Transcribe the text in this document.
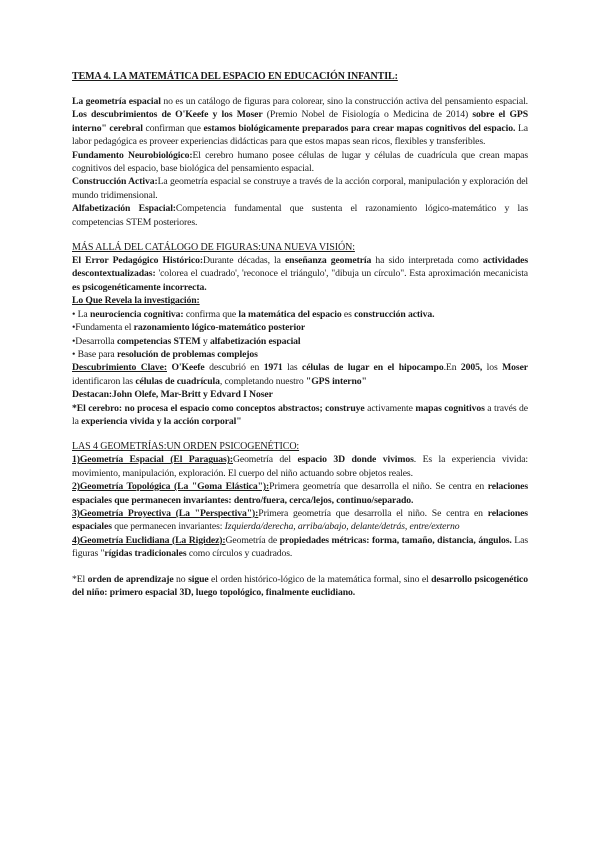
TEMA 4. LA MATEMÁTICA DEL ESPACIO EN EDUCACIÓN INFANTIL:

La geometría espacial no es un catálogo de figuras para colorear, sino la construcción activa del pensamiento espacial. Los descubrimientos de O'Keefe y los Moser (Premio Nobel de Fisiología o Medicina de 2014) sobre el GPS interno" cerebral confirman que estamos biológicamente preparados para crear mapas cognitivos del espacio. La labor pedagógica es proveer experiencias didácticas para que estos mapas sean ricos, flexibles y transferibles.

Fundamento Neurobiológico:El cerebro humano posee células de lugar y células de cuadrícula que crean mapas cognitivos del espacio, base biológica del pensamiento espacial.

Construcción Activa:La geometría espacial se construye a través de la acción corporal, manipulación y exploración del mundo tridimensional.

Alfabetización Espacial:Competencia fundamental que sustenta el razonamiento lógico-matemático y las competencias STEM posteriores.

MÁS ALLÁ DEL CATÁLOGO DE FIGURAS:UNA NUEVA VISIÓN:

El Error Pedagógico Histórico:Durante décadas, la enseñanza geometría ha sido interpretada como actividades descontextualizadas: 'colorea el cuadrado', 'reconoce el triángulo', "dibuja un círculo". Esta aproximación mecanicista es psicogenéticamente incorrecta.

Lo Que Revela la investigación:

• La neurociencia cognitiva: confirma que la matemática del espacio es construcción activa.

•Fundamenta el razonamiento lógico-matemático posterior

•Desarrolla competencias STEM y alfabetización espacial

• Base para resolución de problemas complejos

Descubrimiento Clave: O'Keefe descubrió en 1971 las células de lugar en el hipocampo.En 2005, los Moser identificaron las células de cuadrícula, completando nuestro "GPS interno"

Destacan:John Olefe, Mar-Britt y Edvard I Noser

*El cerebro: no procesa el espacio como conceptos abstractos; construye activamente mapas cognitivos a través de la experiencia vivida y la acción corporal"

LAS 4 GEOMETRÍAS:UN ORDEN PSICOGENÉTICO:

1)Geometría Espacial (El Paraguas):Geometría del espacio 3D donde vivimos. Es la experiencia vivida: movimiento, manipulación, exploración. El cuerpo del niño actuando sobre objetos reales.

2)Geometría Topológica (La "Goma Elástica"):Primera geometría que desarrolla el niño. Se centra en relaciones espaciales que permanecen invariantes: dentro/fuera, cerca/lejos, continuo/separado.

3)Geometría Proyectiva (La "Perspectiva"):Primera geometría que desarrolla el niño. Se centra en relaciones espaciales que permanecen invariantes: Izquierda/derecha, arriba/abajo, delante/detrás, entre/externo

4)Geometría Euclidiana (La Rigidez):Geometría de propiedades métricas: forma, tamaño, distancia, ángulos. Las figuras "rígidas tradicionales como círculos y cuadrados.

*El orden de aprendizaje no sigue el orden histórico-lógico de la matemática formal, sino el desarrollo psicogenético del niño: primero espacial 3D, luego topológico, finalmente euclidiano.
